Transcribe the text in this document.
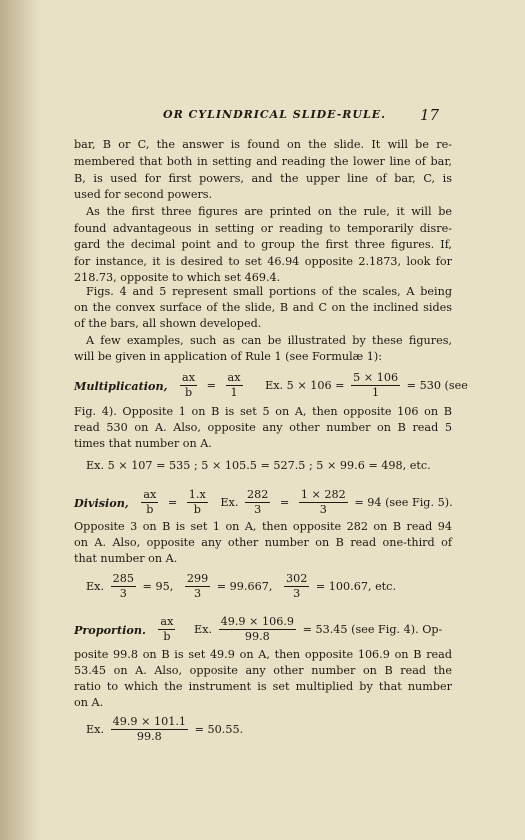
OR CYLINDRICAL SLIDE-RULE. 17
bar, B or C, the answer is found on the slide. It will be re-
membered that both in setting and reading the lower line of bar,
B, is used for first powers, and the upper line of bar, C, is
used for second powers.
As the first three figures are printed on the rule, it will be
found advantageous in setting or reading to temporarily disre-
gard the decimal point and to group the first three figures. If,
for instance, it is desired to set 46.94 opposite 2.1873, look for
218.73, opposite to which set 469.4.
Figs. 4 and 5 represent small portions of the scales, A being
on the convex surface of the slide, B and C on the inclined sides
of the bars, all shown developed.
A few examples, such as can be illustrated by these figures,
will be given in application of Rule 1 (see Formulæ 1):
Multiplication, $\frac{ax}{b} = \frac{ax}{1} Ex$. $5 \times 106 = \frac{5 \times 106}{1} = 530$ (see
Fig. 4). Opposite 1 on B is set 5 on A, then opposite 106 on B
read 530 on A. Also, opposite any other number on B read 5
times that number on A.
Ex. 5 × 107 = 535 ; 5 × 105.5 = 527.5 ; 5 × 99.6 = 498, etc.
Division, $\frac{ax}{b} = \frac{1.x}{b} Ex$. $\frac{282}{3} = \frac{1 \times 282}{3} = 94$ (see Fig. 5).
Opposite 3 on B is set 1 on A, then opposite 282 on B read 94
on A. Also, opposite any other number on B read one-third of
that number on A.
Ex. $\frac{285}{3} = 95$, $\frac{299}{3} = 99.667$, $\frac{302}{3} = 100.67$, etc.
Proportion. $\frac{ax}{b} Ex$. $\frac{49.9 \times 106.9}{99.8} = 53.45$ (see Fig. 4). Op-
posite 99.8 on B is set 49.9 on A, then opposite 106.9 on B read
53.45 on A. Also, opposite any other number on B read the
ratio to which the instrument is set multiplied by that number
on A.
Ex. $\frac{49.9 \times 101.1}{99.8} = 50.55$.
